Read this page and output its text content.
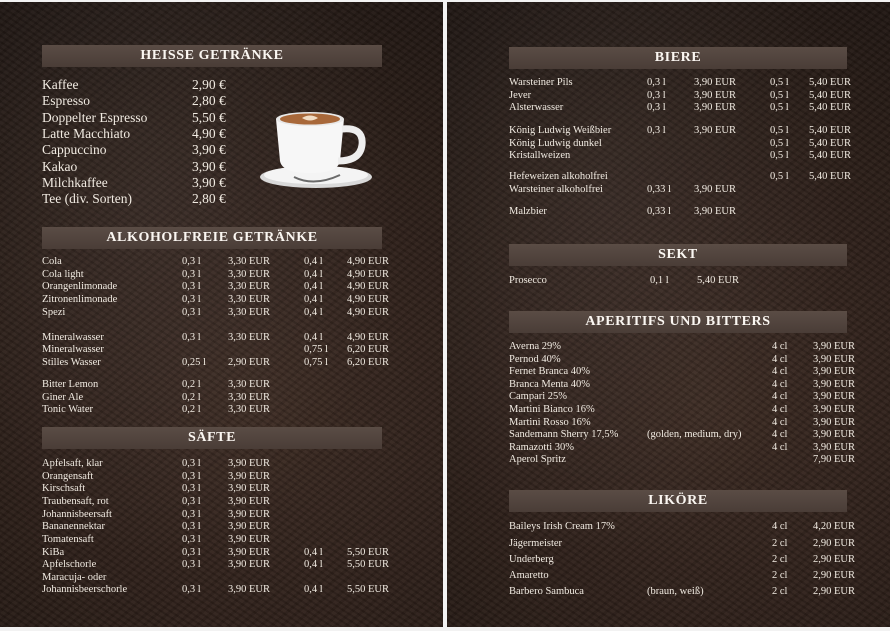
HEISSE GETRÄNKE
Kaffee	2,90 €
Espresso	2,80 €
Doppelter Espresso	5,50 €
Latte Macchiato	4,90 €
Cappuccino	3,90 €
Kakao	3,90 €
Milchkaffee	3,90 €
Tee (div. Sorten)	2,80 €
ALKOHOLFREIE GETRÄNKE
Cola	0,3 l	3,30 EUR	0,4 l 4,90 EUR
Cola light	0,3 l	3,30 EUR	0,4 l 4,90 EUR
Orangenlimonade	0,3 l	3,30 EUR	0,4 l 4,90 EUR
Zitronenlimonade	0,3 l	3,30 EUR	0,4 l 4,90 EUR
Spezi	0,3 l	3,30 EUR	0,4 l 4,90 EUR
Mineralwasser	0,3 l	3,30 EUR	0,4 l 4,90 EUR
Mineralwasser	0,75 l 6,20 EUR
Stilles Wasser	0,25 l 2,90 EUR	0,75 l 6,20 EUR
Bitter Lemon	0,2 l	3,30 EUR
Giner Ale	0,2 l	3,30 EUR
Tonic Water	0,2 l	3,30 EUR
SÄFTE
Apfelsaft, klar	0,3 l	3,90 EUR
Orangensaft	0,3 l	3,90 EUR
Kirschsaft	0,3 l	3,90 EUR
Traubensaft, rot	0,3 l	3,90 EUR
Johannisbeersaft	0,3 l	3,90 EUR
Bananennektar	0,3 l	3,90 EUR
Tomatensaft	0,3 l	3,90 EUR
KiBa	0,3 l	3,90 EUR	0,4 l 5,50 EUR
Apfelschorle	0,3 l	3,90 EUR	0,4 l 5,50 EUR
Maracuja- oder
Johannisbeerschorle	0,3 l	3,90 EUR	0,4 l 5,50 EUR
BIERE
Warsteiner Pils	0,3 l	3,90 EUR	0,5 l 5,40 EUR
Jever	0,3 l	3,90 EUR	0,5 l 5,40 EUR
Alsterwasser	0,3 l	3,90 EUR	0,5 l 5,40 EUR
König Ludwig Weißbier	0,3 l	3,90 EUR	0,5 l 5,40 EUR
König Ludwig dunkel	0,5 l 5,40 EUR
Kristallweizen	0,5 l 5,40 EUR
Hefeweizen alkoholfrei	0,5 l 5,40 EUR
Warsteiner alkoholfrei	0,33 l 3,90 EUR
Malzbier	0,33 l 3,90 EUR
SEKT
Prosecco	0,1 l	5,40 EUR
APERITIFS UND BITTERS
Averna 29%	4 cl 3,90 EUR
Pernod 40%	4 cl 3,90 EUR
Fernet Branca 40%	4 cl 3,90 EUR
Branca Menta 40%	4 cl 3,90 EUR
Campari 25%	4 cl 3,90 EUR
Martini Bianco 16%	4 cl 3,90 EUR
Martini Rosso 16%	4 cl 3,90 EUR
Sandemann Sherry 17,5%	(golden, medium, dry)	4 cl 3,90 EUR
Ramazotti 30%	4 cl 3,90 EUR
Aperol Spritz	7,90 EUR
LIKÖRE
Baileys Irish Cream 17%	4 cl 4,20 EUR
Jägermeister	2 cl 2,90 EUR
Underberg	2 cl 2,90 EUR
Amaretto	2 cl 2,90 EUR
Barbero Sambuca	(braun, weiß)	2 cl 2,90 EUR
